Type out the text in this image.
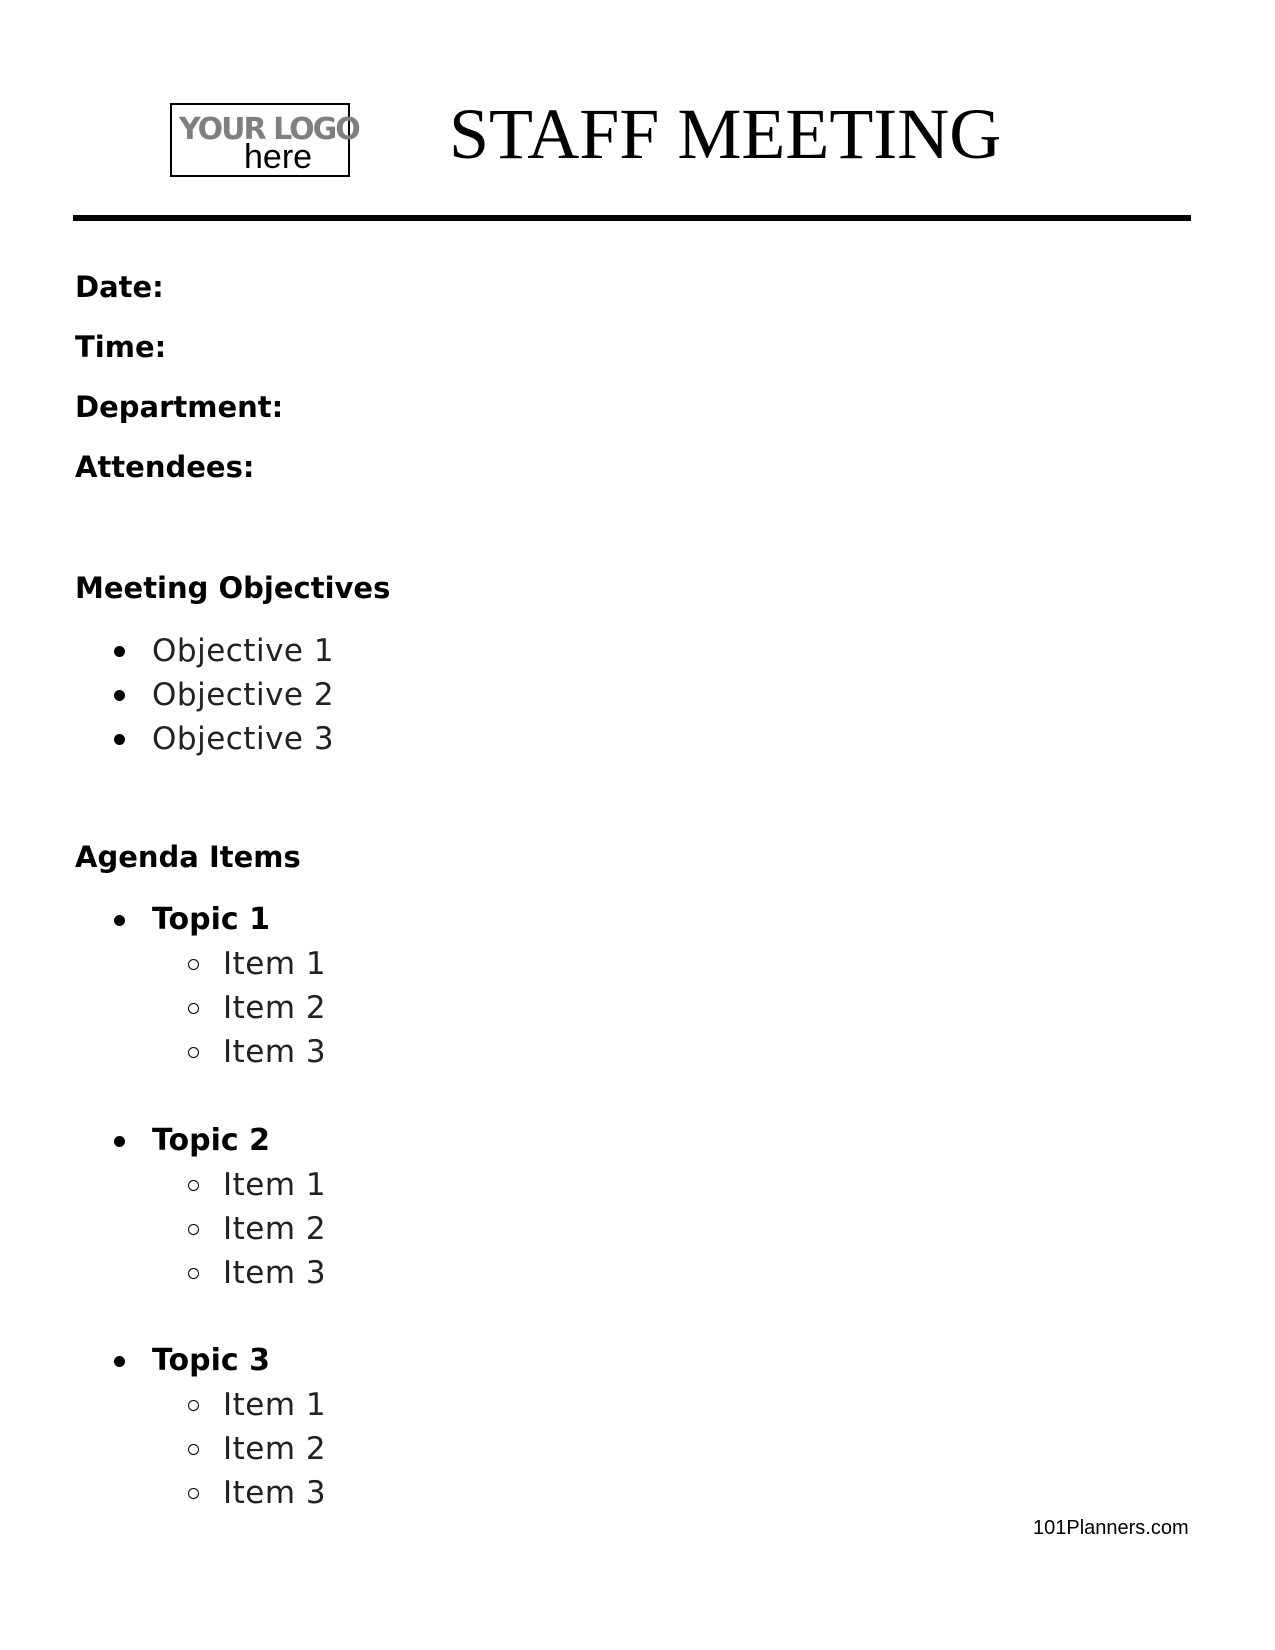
YOUR LOGO
here STAFF MEETING
Date:
Time:
Department:
Attendees:
Meeting Objectives
Objective 1
Objective 2
Objective 3
Agenda Items
Topic 1
Item 1
Item 2
Item 3
Topic 2
Item 1
Item 2
Item 3
Topic 3
Item 1
Item 2
Item 3
101Planners.com
